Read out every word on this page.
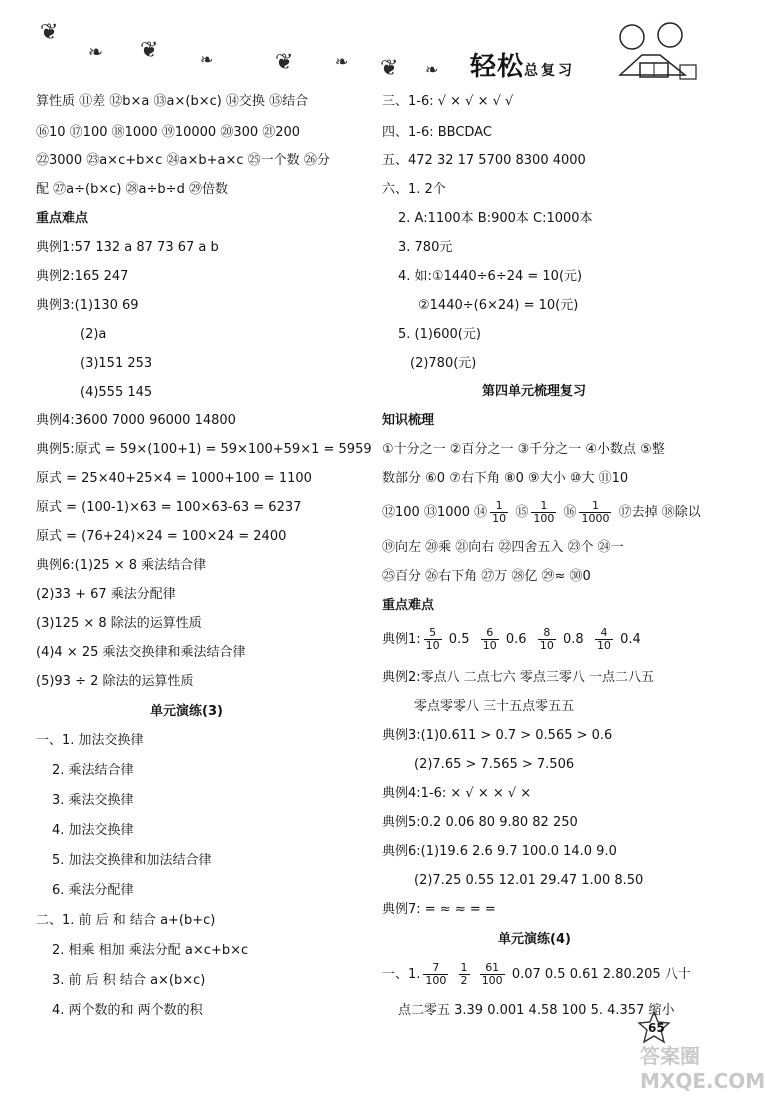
❦
❧ ❦	❧	❦	❧ ❦ ❧ 轻松总复习
算性质 ⑪差 ⑫b×a ⑬a×(b×c) ⑭交换 ⑮结合
⑯10 ⑰100 ⑱1000 ⑲10000 ⑳300 ㉑200
㉒3000 ㉓a×c+b×c ㉔a×b+a×c ㉕一个数 ㉖分
配 ㉗a÷(b×c) ㉘a÷b÷d ㉙倍数
重点难点
典例1:57 132 a 87 73 67 a b
典例2:165 247
典例3:(1)130 69
(2)a
(3)151 253
(4)555 145
典例4:3600 7000 96000 14800
典例5:原式 = 59×(100+1) = 59×100+59×1 = 5959
原式 = 25×40+25×4 = 1000+100 = 1100
原式 = (100-1)×63 = 100×63-63 = 6237
原式 = (76+24)×24 = 100×24 = 2400
典例6:(1)25 × 8 乘法结合律
(2)33 + 67 乘法分配律
(3)125 × 8 除法的运算性质
(4)4 × 25 乘法交换律和乘法结合律
(5)93 ÷ 2 除法的运算性质
单元演练(3)
一、1. 加法交换律
2. 乘法结合律
3. 乘法交换律
4. 加法交换律
5. 加法交换律和加法结合律
6. 乘法分配律
二、1. 前 后 和 结合 a+(b+c)
2. 相乘 相加 乘法分配 a×c+b×c
3. 前 后 积 结合 a×(b×c)
4. 两个数的和 两个数的积
三、1-6: √ × √ × √ √
四、1-6: BBCDAC
五、472 32 17 5700 8300 4000
六、1. 2个
2. A:1100本 B:900本 C:1000本
3. 780元
4. 如:①1440÷6÷24 = 10(元)
②1440÷(6×24) = 10(元)
5. (1)600(元)
(2)780(元)
第四单元梳理复习
知识梳理
①十分之一 ②百分之一 ③千分之一 ④小数点 ⑤整
数部分 ⑥0 ⑦右下角 ⑧0 ⑨大小 ⑩大 ⑪10
⑫100 ⑬1000 ⑭ $\frac{1}{10}$ ⑮ $\frac{1}{100}$ ⑯ $\frac{1}{1000}$ ⑰去掉 ⑱除以
⑲向左 ⑳乘 ㉑向右 ㉒四舍五入 ㉓个 ㉔一
㉕百分 ㉖右下角 ㉗万 ㉘亿 ㉙≈ ㉚0
重点难点
典例1: $\frac{5}{10} 0.5 \frac{6}{10} 0.6 \frac{8}{10} 0.8 \frac{4}{10} 0.4$
典例2:零点八 二点七六 零点三零八 一点二八五
零点零零八 三十五点零五五
典例3:(1)0.611 > 0.7 > 0.565 > 0.6
(2)7.65 > 7.565 > 7.506
典例4:1-6: × √ × × √ ×
典例5:0.2 0.06 80 9.80 82 250
典例6:(1)19.6 2.6 9.7 100.0 14.0 9.0
(2)7.25 0.55 12.01 29.47 1.00 8.50
典例7: = ≈ ≈ = =
单元演练(4)
一、1. $\frac{7}{100}$
$\frac{1}{2}$
$\frac{61}{100} 0.07$ 0.5 0.61 2.80.205 八十
点二零五 3.39 0.001 4.58 100 5. 4.357 缩小
65
答案圈 MXQE.COM
